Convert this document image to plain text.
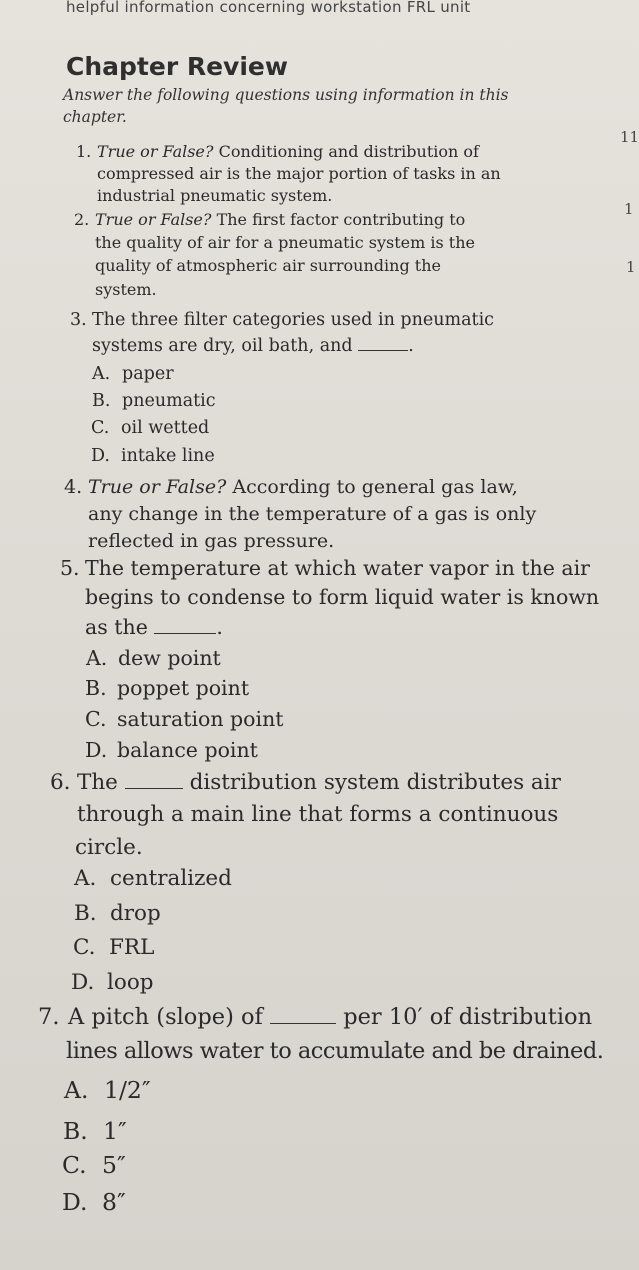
helpful information concerning workstation FRL unit
Chapter Review
Answer the following questions using information in this
chapter.
11
1
1
1. True or False? Conditioning and distribution of
compressed air is the major portion of tasks in an
industrial pneumatic system.
2. True or False? The first factor contributing to
the quality of air for a pneumatic system is the
quality of atmospheric air surrounding the
system.
3. The three filter categories used in pneumatic
systems are dry, oil bath, and	.
A. paper
B. pneumatic
C. oil wetted
D. intake line
4. True or False? According to general gas law,
any change in the temperature of a gas is only
reflected in gas pressure.
5. The temperature at which water vapor in the air
begins to condense to form liquid water is known
as the	.
A. dew point
B. poppet point
C. saturation point
D. balance point
6. The	distribution system distributes air
through a main line that forms a continuous
circle.
A. centralized
B. drop
C. FRL
D. loop
7. A pitch (slope) of	per 10′ of distribution
lines allows water to accumulate and be drained.
A. 1/2″
B. 1″
C. 5″
D. 8″
